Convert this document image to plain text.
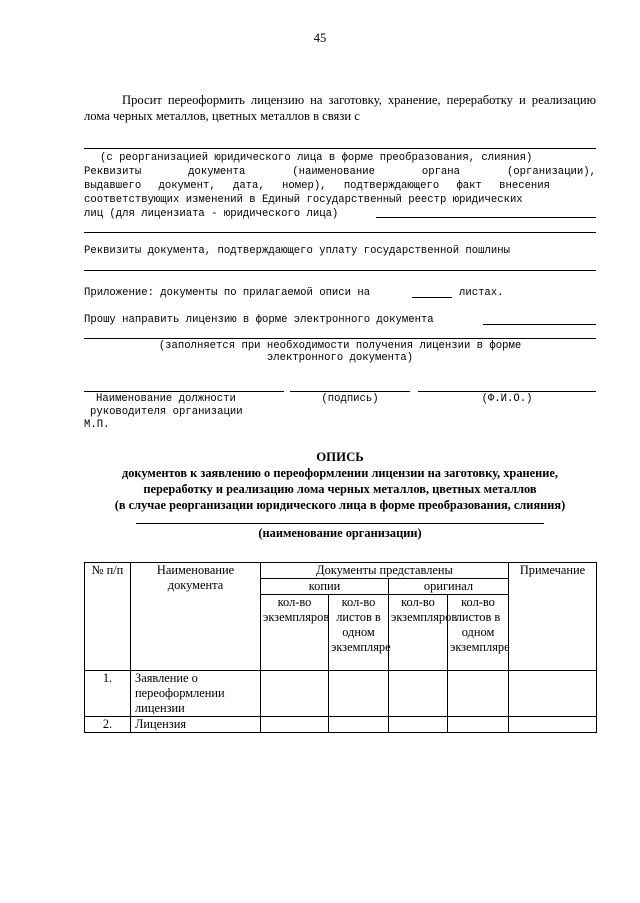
45
Просит переоформить лицензию на заготовку, хранение, переработку и реализацию
лома черных металлов, цветных металлов в связи с
(с реорганизацией юридического лица в форме преобразования, слияния)
Реквизиты	документа	(наименование	органа	(организации),
выдавшего документ, дата, номер), подтверждающего факт внесения
соответствующих изменений в Единый государственный реестр юридических
лиц (для лицензиата - юридического лица)
Реквизиты документа, подтверждающего уплату государственной пошлины
Приложение: документы по прилагаемой описи на	листах.
Прошу направить лицензию в форме электронного документа
(заполняется при необходимости получения лицензии в форме
электронного документа)
Наименование должности
руководителя организации
(подпись)	(Ф.И.О.)
М.П.
ОПИСЬ
документов к заявлению о переоформлении лицензии на заготовку, хранение,
переработку и реализацию лома черных металлов, цветных металлов
(в случае реорганизации юридического лица в форме преобразования, слияния)
(наименование организации)
№ п/п	Наименование документа	Документы представлены				Примечание
		копии		оригинал		
		кол-во экземпляров	кол-во листов в одном экземпляре	кол-во экземпляров	кол-во листов в одном экземпляре	
1.	Заявление о переоформлении лицензии					
2.	Лицензия					
